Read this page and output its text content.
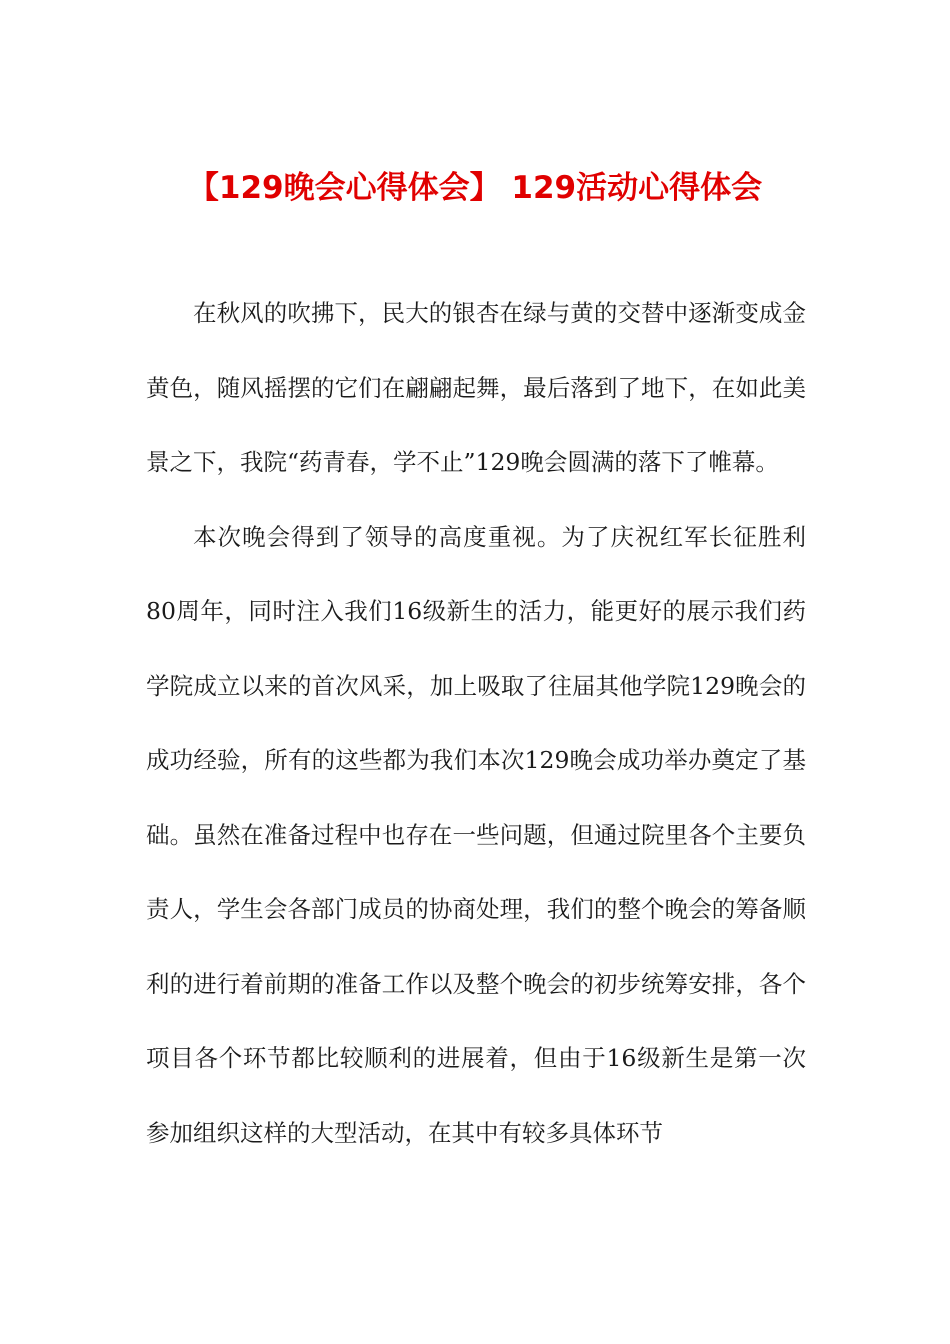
【129晚会心得体会】 129活动心得体会

在秋风的吹拂下，民大的银杏在绿与黄的交替中逐渐变成金黄色，随风摇摆的它们在翩翩起舞，最后落到了地下，在如此美景之下，我院“药青春，学不止”129晚会圆满的落下了帷幕。

本次晚会得到了领导的高度重视。为了庆祝红军长征胜利80周年，同时注入我们16级新生的活力，能更好的展示我们药学院成立以来的首次风采，加上吸取了往届其他学院129晚会的成功经验，所有的这些都为我们本次129晚会成功举办奠定了基础。虽然在准备过程中也存在一些问题，但通过院里各个主要负责人，学生会各部门成员的协商处理，我们的整个晚会的筹备顺利的进行着前期的准备工作以及整个晚会的初步统筹安排，各个项目各个环节都比较顺利的进展着，但由于16级新生是第一次参加组织这样的大型活动，在其中有较多具体环节
